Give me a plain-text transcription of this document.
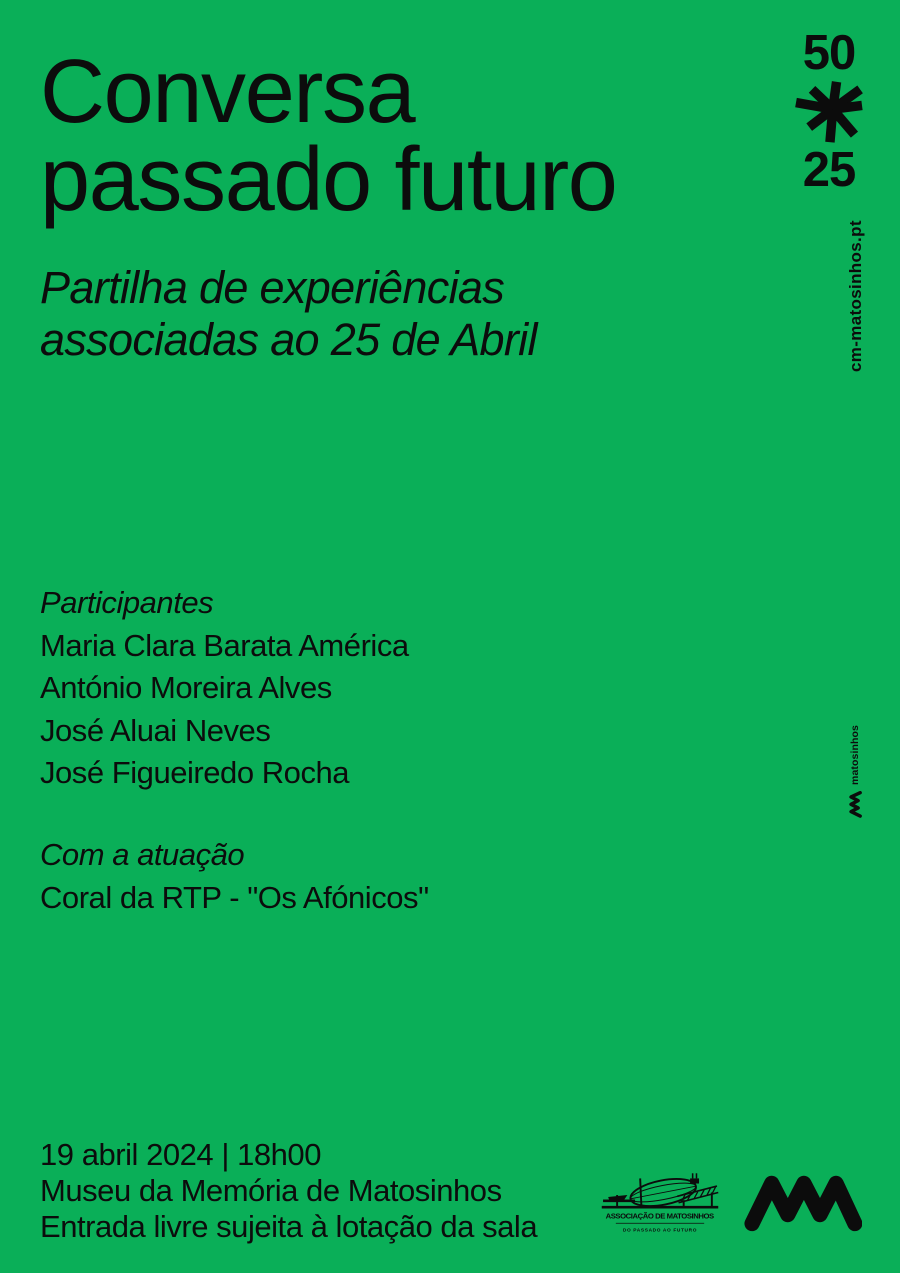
Conversa
passado futuro
50
25
cm-matosinhos.pt
Partilha de experiências
associadas ao 25 de Abril
Participantes
Maria Clara Barata América
António Moreira Alves
José Aluai Neves
José Figueiredo Rocha
Com a atuação
Coral da RTP - "Os Afónicos"
19 abril 2024 | 18h00
Museu da Memória de Matosinhos
Entrada livre sujeita à lotação da sala	ASSOCIAÇÃO DE MATOSINHOS
DO PASSADO AO FUTURO
matosinhos
